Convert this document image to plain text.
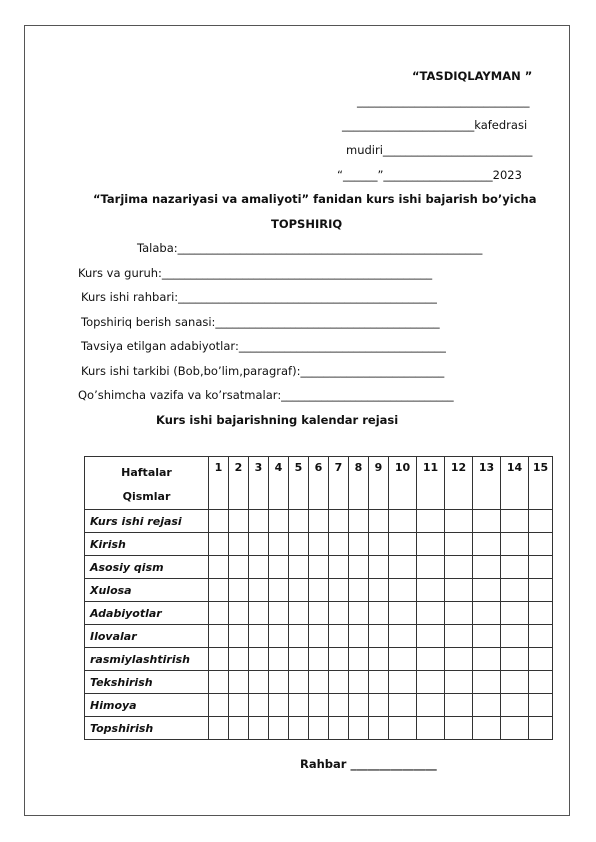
“TASDIQLAYMAN ”
______________________________
_______________________kafedrasi
mudiri__________________________
“______”___________________2023
“Tarjima nazariyasi va amaliyoti” fanidan kurs ishi bajarish bo’yicha
TOPSHIRIQ
Talaba:_____________________________________________________
Kurs va guruh:_______________________________________________
Kurs ishi rahbari:_____________________________________________
Topshiriq berish sanasi:_______________________________________
Tavsiya etilgan adabiyotlar:____________________________________
Kurs ishi tarkibi (Bob,bo’lim,paragraf):_________________________
Qo’shimcha vazifa va ko’rsatmalar:______________________________
Kurs ishi bajarishning kalendar rejasi
Haftalar
Qismlar	1	2	3	4	5	6	7	8	9	10	11	12	13	14	15
Kurs ishi rejasi															
Kirish															
Asosiy qism															
Xulosa															
Adabiyotlar															
Ilovalar															
rasmiylashtirish															
Tekshirish															
Himoya															
Topshirish															
Rahbar _______________
